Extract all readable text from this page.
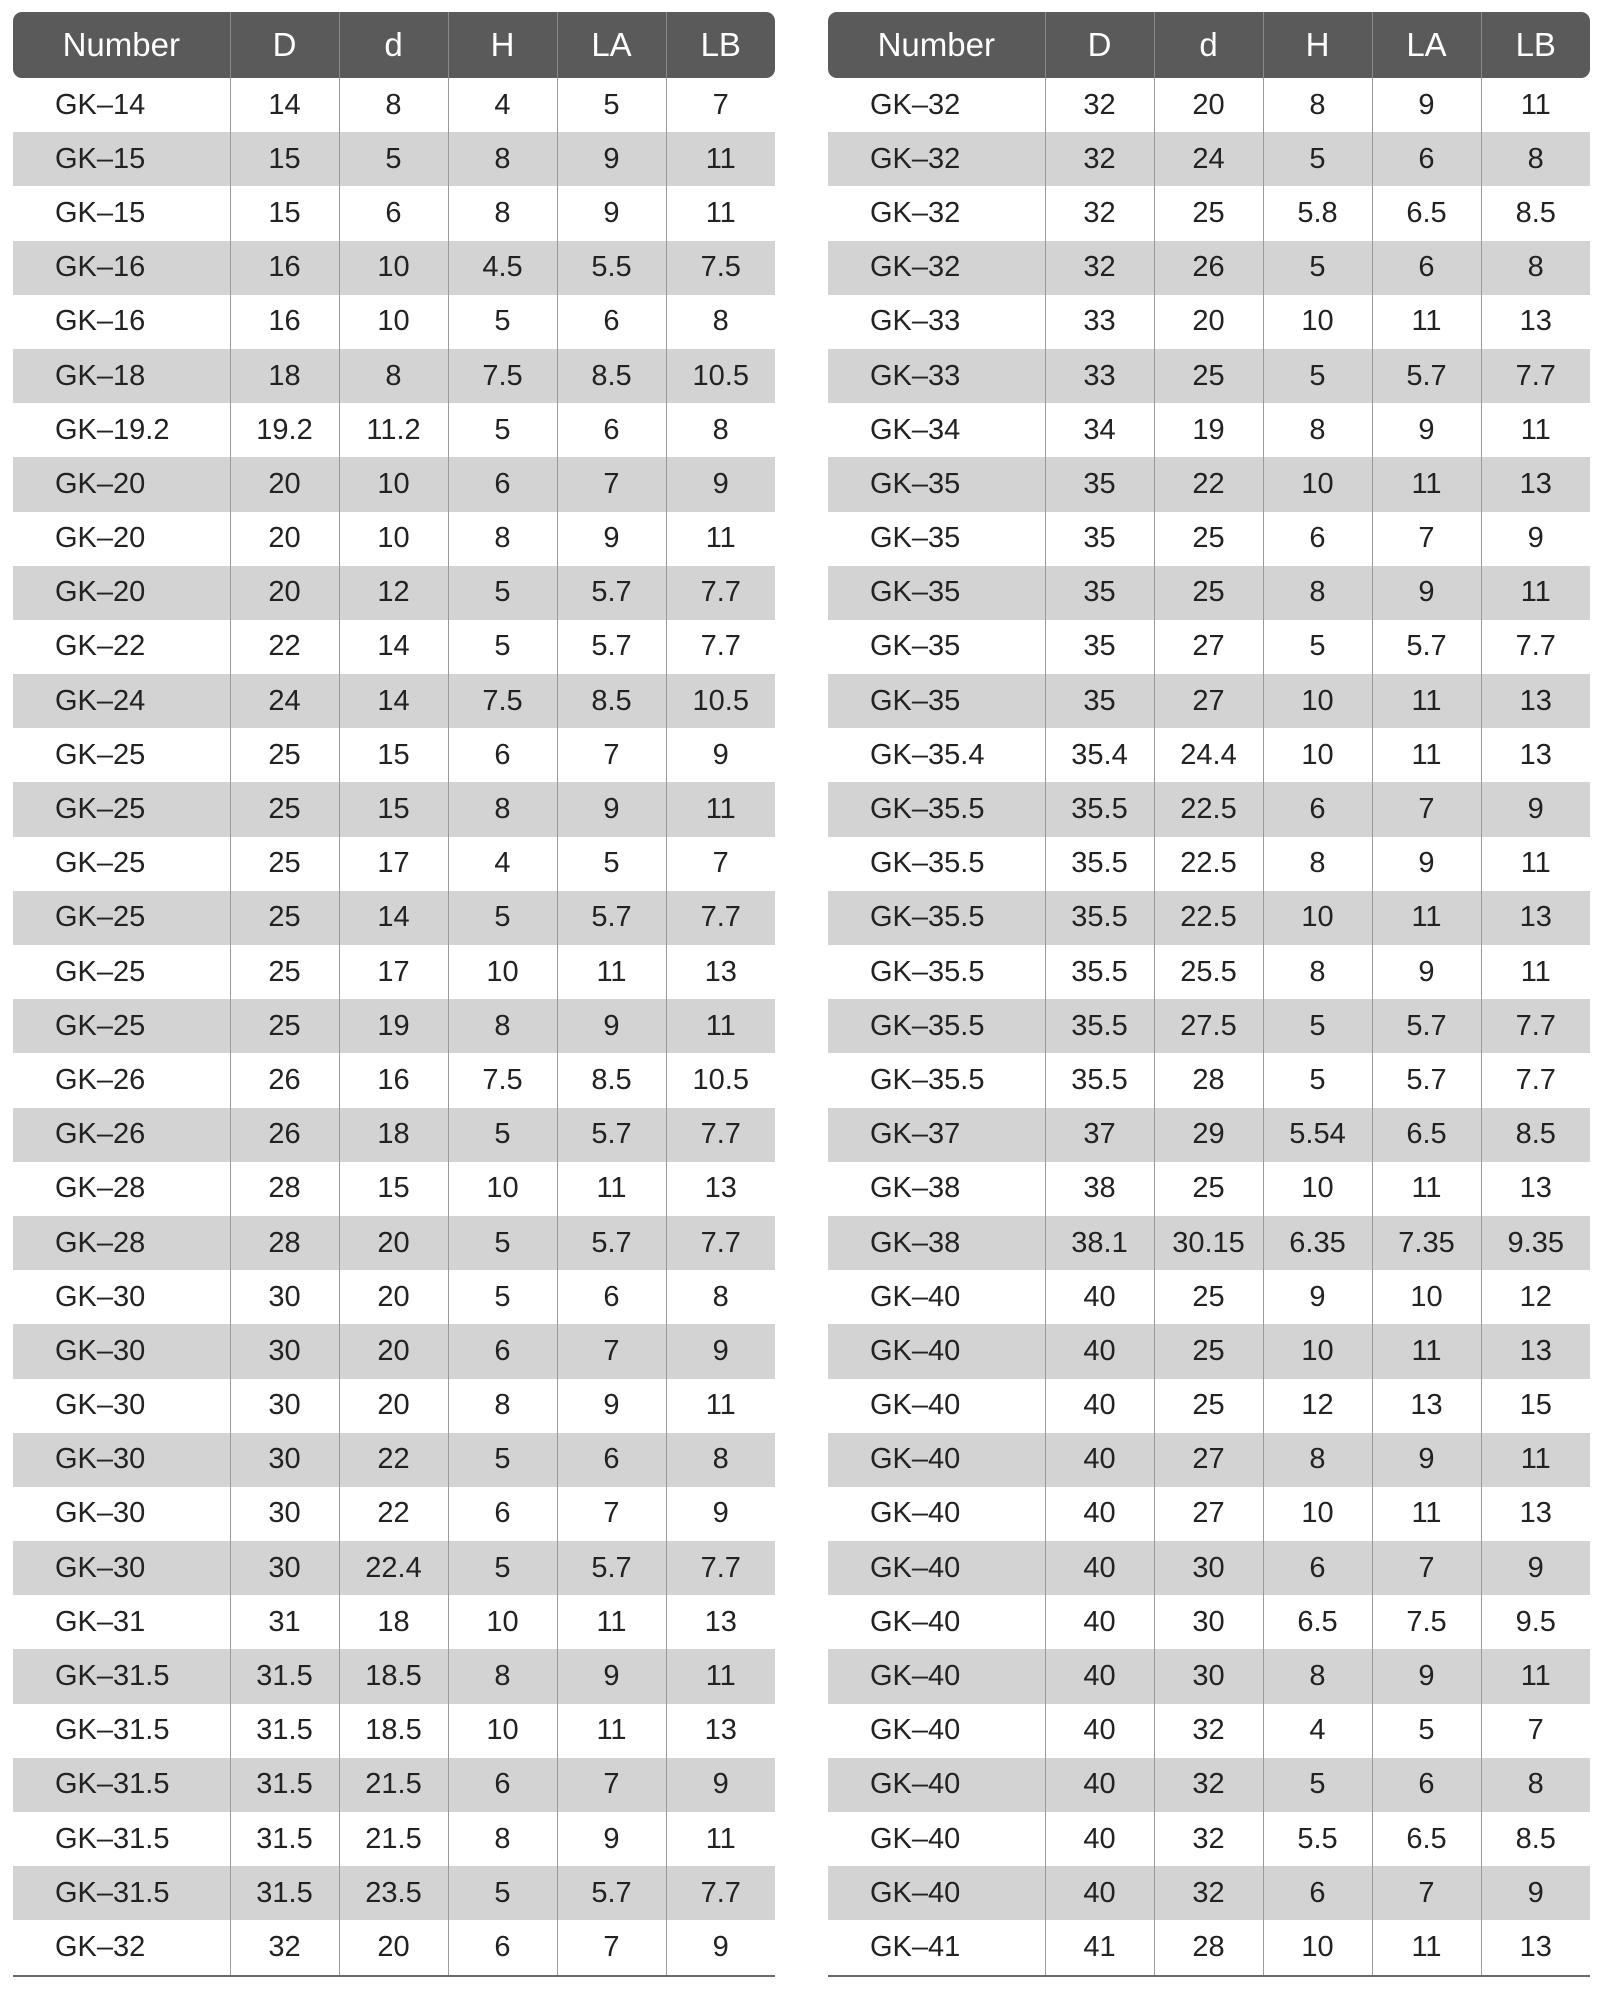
Number	D	d	H	LA	LB
GK–14	14	8	4	5	7
GK–15	15	5	8	9	11
GK–15	15	6	8	9	11
GK–16	16	10	4.5	5.5	7.5
GK–16	16	10	5	6	8
GK–18	18	8	7.5	8.5	10.5
GK–19.2	19.2	11.2	5	6	8
GK–20	20	10	6	7	9
GK–20	20	10	8	9	11
GK–20	20	12	5	5.7	7.7
GK–22	22	14	5	5.7	7.7
GK–24	24	14	7.5	8.5	10.5
GK–25	25	15	6	7	9
GK–25	25	15	8	9	11
GK–25	25	17	4	5	7
GK–25	25	14	5	5.7	7.7
GK–25	25	17	10	11	13
GK–25	25	19	8	9	11
GK–26	26	16	7.5	8.5	10.5
GK–26	26	18	5	5.7	7.7
GK–28	28	15	10	11	13
GK–28	28	20	5	5.7	7.7
GK–30	30	20	5	6	8
GK–30	30	20	6	7	9
GK–30	30	20	8	9	11
GK–30	30	22	5	6	8
GK–30	30	22	6	7	9
GK–30	30	22.4	5	5.7	7.7
GK–31	31	18	10	11	13
GK–31.5	31.5	18.5	8	9	11
GK–31.5	31.5	18.5	10	11	13
GK–31.5	31.5	21.5	6	7	9
GK–31.5	31.5	21.5	8	9	11
GK–31.5	31.5	23.5	5	5.7	7.7
GK–32	32	20	6	7	9
Number	D	d	H	LA	LB
GK–32	32	20	8	9	11
GK–32	32	24	5	6	8
GK–32	32	25	5.8	6.5	8.5
GK–32	32	26	5	6	8
GK–33	33	20	10	11	13
GK–33	33	25	5	5.7	7.7
GK–34	34	19	8	9	11
GK–35	35	22	10	11	13
GK–35	35	25	6	7	9
GK–35	35	25	8	9	11
GK–35	35	27	5	5.7	7.7
GK–35	35	27	10	11	13
GK–35.4	35.4	24.4	10	11	13
GK–35.5	35.5	22.5	6	7	9
GK–35.5	35.5	22.5	8	9	11
GK–35.5	35.5	22.5	10	11	13
GK–35.5	35.5	25.5	8	9	11
GK–35.5	35.5	27.5	5	5.7	7.7
GK–35.5	35.5	28	5	5.7	7.7
GK–37	37	29	5.54	6.5	8.5
GK–38	38	25	10	11	13
GK–38	38.1	30.15	6.35	7.35	9.35
GK–40	40	25	9	10	12
GK–40	40	25	10	11	13
GK–40	40	25	12	13	15
GK–40	40	27	8	9	11
GK–40	40	27	10	11	13
GK–40	40	30	6	7	9
GK–40	40	30	6.5	7.5	9.5
GK–40	40	30	8	9	11
GK–40	40	32	4	5	7
GK–40	40	32	5	6	8
GK–40	40	32	5.5	6.5	8.5
GK–40	40	32	6	7	9
GK–41	41	28	10	11	13
